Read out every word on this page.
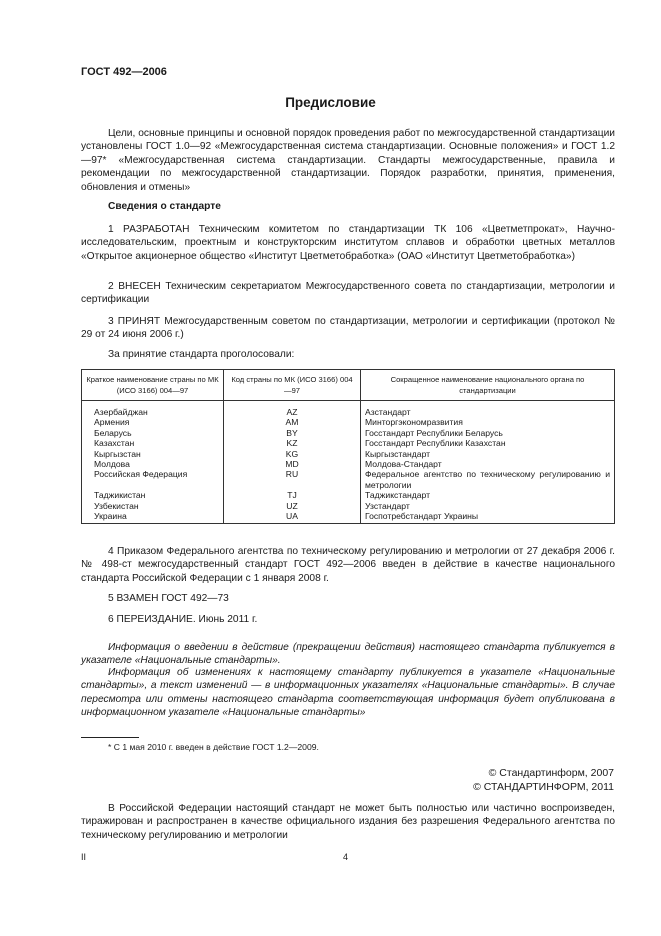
ГОСТ 492—2006
Предисловие

Цели, основные принципы и основной порядок проведения работ по межгосударственной стандартизации установлены ГОСТ 1.0—92 «Межгосударственная система стандартизации. Основные положения» и ГОСТ 1.2—97* «Межгосударственная система стандартизации. Стандарты межгосударственные, правила и рекомендации по межгосударственной стандартизации. Порядок разработки, принятия, применения, обновления и отмены»

Сведения о стандарте

1 РАЗРАБОТАН Техническим комитетом по стандартизации ТК 106 «Цветметпрокат», Научно-исследовательским, проектным и конструкторским институтом сплавов и обработки цветных металлов «Открытое акционерное общество «Институт Цветметобработка» (ОАО «Институт Цветметобработка»)

2 ВНЕСЕН Техническим секретариатом Межгосударственного совета по стандартизации, метрологии и сертификации

3 ПРИНЯТ Межгосударственным советом по стандартизации, метрологии и сертификации (протокол № 29 от 24 июня 2006 г.)

За принятие стандарта проголосовали:
Краткое наименование страны по МК (ИСО 3166) 004—97	Код страны по МК (ИСО 3166) 004—97	Сокращенное наименование национального органа по стандартизации
Азербайджан	AZ	Азстандарт
Армения	AM	Минторгэкономразвития
Беларусь	BY	Госстандарт Республики Беларусь
Казахстан	KZ	Госстандарт Республики Казахстан
Кыргызстан	KG	Кыргызстандарт
Молдова	MD	Молдова-Стандарт
Российская Федерация	RU	Федеральное агентство по техническому регулированию и метрологии
Таджикистан	TJ	Таджикстандарт
Узбекистан	UZ	Узстандарт
Украина	UA	Госпотребстандарт Украины

4 Приказом Федерального агентства по техническому регулированию и метрологии от 27 декабря 2006 г. № 498-ст межгосударственный стандарт ГОСТ 492—2006 введен в действие в качестве национального стандарта Российской Федерации с 1 января 2008 г.

5 ВЗАМЕН ГОСТ 492—73

6 ПЕРЕИЗДАНИЕ. Июнь 2011 г.

Информация о введении в действие (прекращении действия) настоящего стандарта публикуется в указателе «Национальные стандарты».

Информация об изменениях к настоящему стандарту публикуется в указателе «Национальные стандарты», а текст изменений — в информационных указателях «Национальные стандарты». В случае пересмотра или отмены настоящего стандарта соответствующая информация будет опубликована в информационном указателе «Национальные стандарты»

* С 1 мая 2010 г. введен в действие ГОСТ 1.2—2009.
© Стандартинформ, 2007
© СТАНДАРТИНФОРМ, 2011

В Российской Федерации настоящий стандарт не может быть полностью или частично воспроизведен, тиражирован и распространен в качестве официального издания без разрешения Федерального агентства по техническому регулированию и метрологии

II	4
